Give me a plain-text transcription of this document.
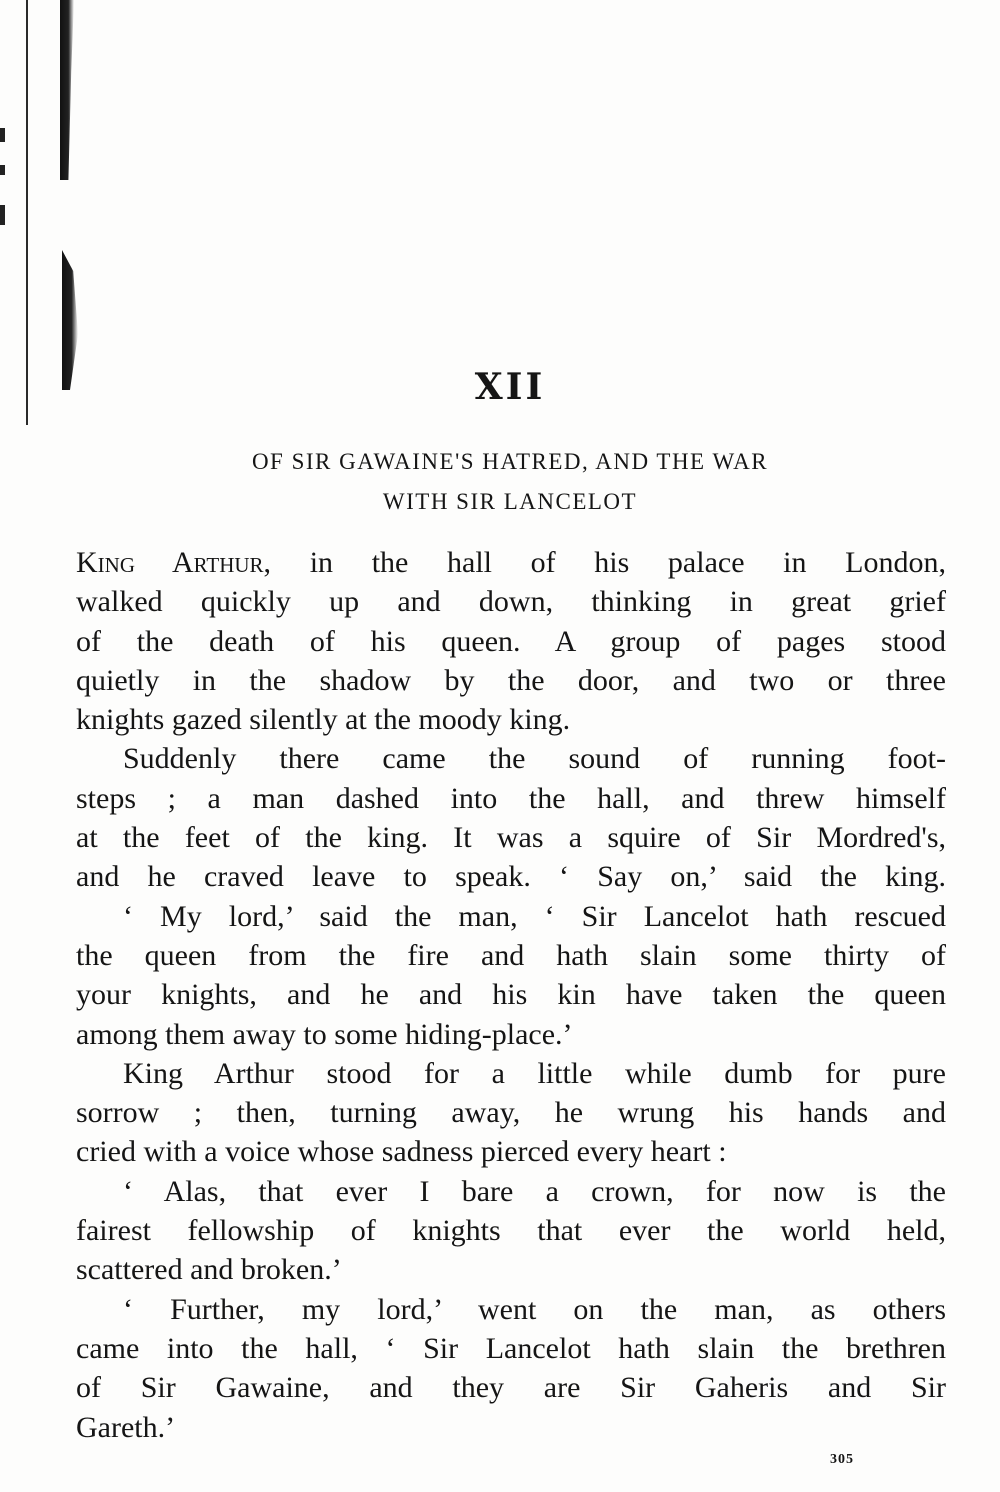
XII
OF SIR GAWAINE'S HATRED, AND THE WAR
WITH SIR LANCELOT
King Arthur, in the hall of his palace in London,
walked quickly up and down, thinking in great grief
of the death of his queen. A group of pages stood
quietly in the shadow by the door, and two or three
knights gazed silently at the moody king.
Suddenly there came the sound of running foot-
steps ; a man dashed into the hall, and threw himself
at the feet of the king. It was a squire of Sir Mordred's,
and he craved leave to speak. ‘ Say on,’ said the king.
‘ My lord,’ said the man, ‘ Sir Lancelot hath rescued
the queen from the fire and hath slain some thirty of
your knights, and he and his kin have taken the queen
among them away to some hiding-place.’
King Arthur stood for a little while dumb for pure
sorrow ; then, turning away, he wrung his hands and
cried with a voice whose sadness pierced every heart :
‘ Alas, that ever I bare a crown, for now is the
fairest fellowship of knights that ever the world held,
scattered and broken.’
‘ Further, my lord,’ went on the man, as others
came into the hall, ‘ Sir Lancelot hath slain the brethren
of Sir Gawaine, and they are Sir Gaheris and Sir
Gareth.’
305
